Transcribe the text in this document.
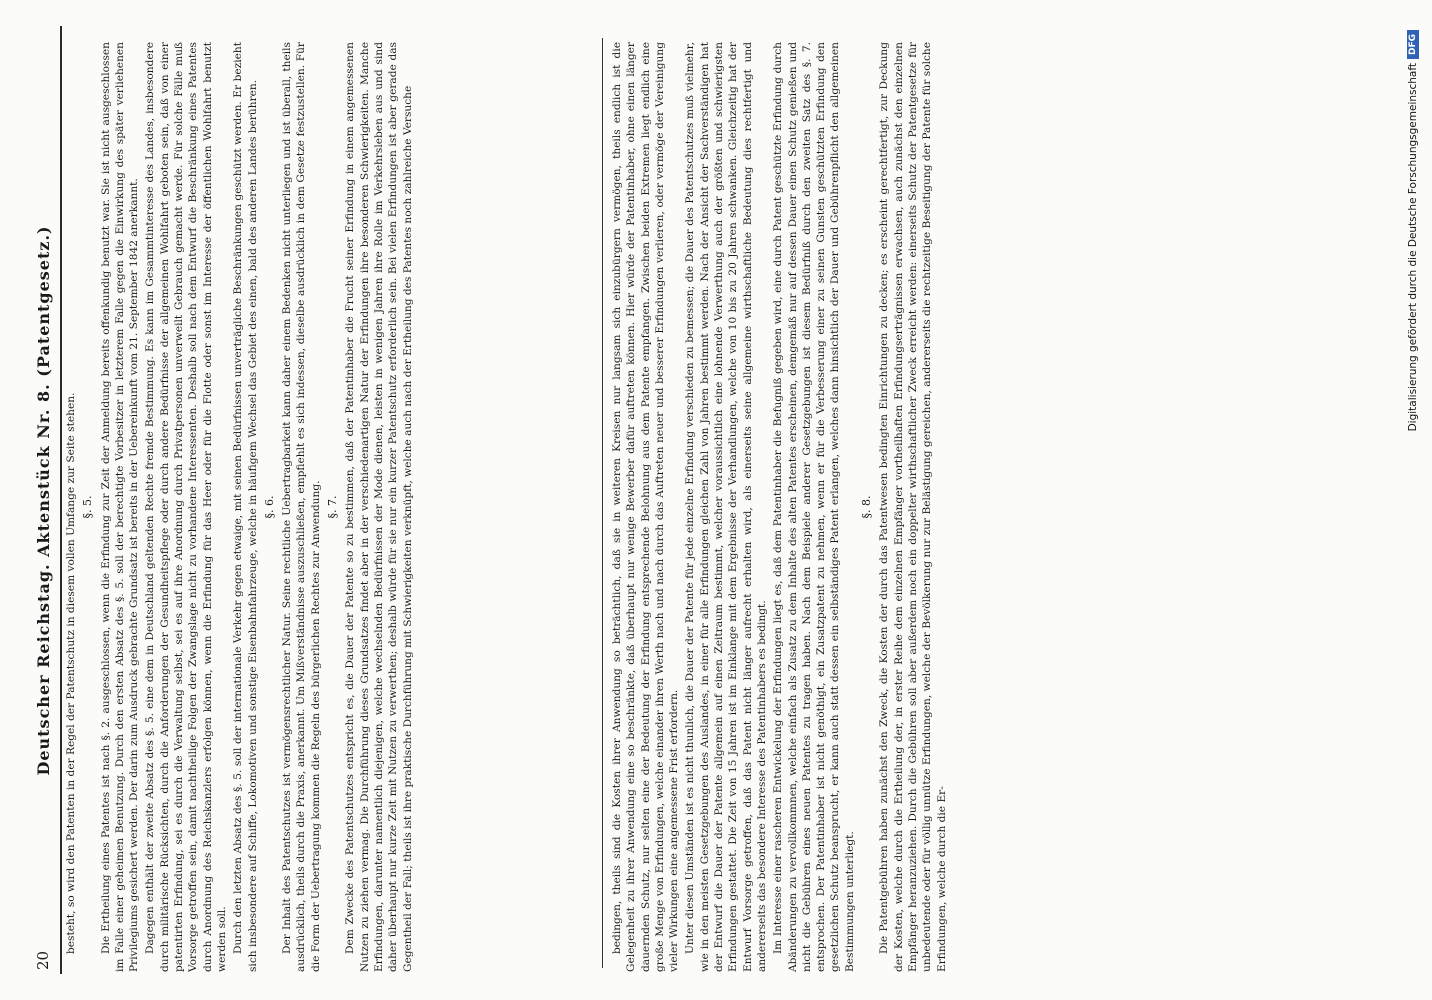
20
Deutscher Reichstag. Aktenstück Nr. 8. (Patentgesetz.) besteht, so wird den Patenten in der Regel der Patentschutz in diesem vollen Umfange zur Seite stehen. §. 5. Die Ertheilung eines Patentes ist nach §. 2. ausgeschlossen, wenn die Erfindung zur Zeit der Anmeldung bereits offenkundig benutzt war. Sie ist nicht ausgeschlossen im Falle einer geheimen Benutzung. Durch den ersten Absatz des §. 5. soll der berechtigte Vorbesitzer in letzterem Falle gegen die Einwirkung des später verliehenen Privilegiums gesichert werden. Der darin zum Ausdruck gebrachte Grundsatz ist bereits in der Uebereinkunft vom 21. September 1842 anerkannt. Dagegen enthält der zweite Absatz des §. 5. eine dem in Deutschland geltenden Rechte fremde Bestimmung. Es kann im Gesammtinteresse des Landes, insbesondere durch militärische Rücksichten, durch die Anforderungen der Gesundheitspflege oder durch andere Bedürfnisse der allgemeinen Wohlfahrt geboten sein, daß von einer patentirten Erfindung, sei es durch die Verwaltung selbst, sei es auf ihre Anordnung durch Privatpersonen unverweilt Gebrauch gemacht werde. Für solche Fälle muß Vorsorge getroffen sein, damit nachtheilige Folgen der Zwangslage nicht zu vorhandene Interessenten. Deshalb soll nach dem Entwurf die Beschränkung eines Patentes durch Anordnung des Reichskanzlers erfolgen können, wenn die Erfindung für das Heer oder für die Flotte oder sonst im Interesse der öffentlichen Wohlfahrt benutzt werden soll. Durch den letzten Absatz des §. 5. soll der internationale Verkehr gegen etwaige, mit seinen Bedürfnissen unverträgliche Beschränkungen geschützt werden. Er bezieht sich insbesondere auf Schiffe, Lokomotiven und sonstige Eisenbahnfahrzeuge, welche in häufigem Wechsel das Gebiet des einen, bald des anderen Landes berühren. §. 6. Der Inhalt des Patentschutzes ist vermögensrechtlicher Natur. Seine rechtliche Uebertragbarkeit kann daher einem Bedenken nicht unterliegen und ist überall, theils ausdrücklich, theils durch die Praxis, anerkannt. Um Mißverständnisse auszuschließen, empfiehlt es sich indessen, dieselbe ausdrücklich in dem Gesetze festzustellen. Für die Form der Uebertragung kommen die Regeln des bürgerlichen Rechtes zur Anwendung. §. 7. Dem Zwecke des Patentschutzes entspricht es, die Dauer der Patente so zu bestimmen, daß der Patentinhaber die Frucht seiner Erfindung in einem angemessenen Nutzen zu ziehen vermag. Die Durchführung dieses Grundsatzes findet aber in der verschiedenartigen Natur der Erfindungen ihre besonderen Schwierigkeiten. Manche Erfindungen, darunter namentlich diejenigen, welche wechselnden Bedürfnissen der Mode dienen, leisten in wenigen Jahren ihre Rolle im Verkehrsleben aus und sind daher überhaupt nur kurze Zeit mit Nutzen zu verwerthen; deshalb würde für sie nur ein kurzer Patentschutz erforderlich sein. Bei vielen Erfindungen ist aber gerade das Gegentheil der Fall; theils ist ihre praktische Durchführung mit Schwierigkeiten verknüpft, welche auch nach der Ertheilung des Patentes noch zahlreiche Versuche	bedingen, theils sind die Kosten ihrer Anwendung so beträchtlich, daß sie in weiteren Kreisen nur langsam sich einzubürgern vermögen, theils endlich ist die Gelegenheit zu ihrer Anwendung eine so beschränkte, daß überhaupt nur wenige Bewerber dafür auftreten können. Hier würde der Patentinhaber, ohne einen länger dauernden Schutz, nur selten eine der Bedeutung der Erfindung entsprechende Belohnung aus dem Patente empfangen. Zwischen beiden Extremen liegt endlich eine große Menge von Erfindungen, welche einander ihren Werth nach und nach durch das Auftreten neuer und besserer Erfindungen verlieren, oder vermöge der Vereinigung vieler Wirkungen eine angemessene Frist erfordern. Unter diesen Umständen ist es nicht thunlich, die Dauer der Patente für jede einzelne Erfindung verschieden zu bemessen; die Dauer des Patentschutzes muß vielmehr, wie in den meisten Gesetzgebungen des Auslandes, in einer für alle Erfindungen gleichen Zahl von Jahren bestimmt werden. Nach der Ansicht der Sachverständigen hat der Entwurf die Dauer der Patente allgemein auf einen Zeitraum bestimmt, welcher voraussichtlich eine lohnende Verwerthung auch der größten und schwierigsten Erfindungen gestattet. Die Zeit von 15 Jahren ist im Einklange mit dem Ergebnisse der Verhandlungen, welche von 10 bis zu 20 Jahren schwanken. Gleichzeitig hat der Entwurf Vorsorge getroffen, daß das Patent nicht länger aufrecht erhalten wird, als einerseits seine allgemeine wirthschaftliche Bedeutung dies rechtfertigt und andererseits das besondere Interesse des Patentinhabers es bedingt. Im Interesse einer rascheren Entwickelung der Erfindungen liegt es, daß dem Patentinhaber die Befugniß gegeben wird, eine durch Patent geschützte Erfindung durch Abänderungen zu vervollkommnen, welche einfach als Zusatz zu dem Inhalte des alten Patentes erscheinen, demgemäß nur auf dessen Dauer einen Schutz genießen und nicht die Gebühren eines neuen Patentes zu tragen haben. Nach dem Beispiele anderer Gesetzgebungen ist diesem Bedürfniß durch den zweiten Satz des §. 7. entsprochen. Der Patentinhaber ist nicht genöthigt, ein Zusatzpatent zu nehmen, wenn er für die Verbesserung einer zu seinen Gunsten geschützten Erfindung den gesetzlichen Schutz beansprucht, er kann auch statt dessen ein selbständiges Patent erlangen, welches dann hinsichtlich der Dauer und Gebührenpflicht den allgemeinen Bestimmungen unterliegt.

§. 8. Die Patentgebühren haben zunächst den Zweck, die Kosten der durch das Patentwesen bedingten Einrichtungen zu decken; es erscheint gerechtfertigt, zur Deckung der Kosten, welche durch die Ertheilung der, in erster Reihe dem einzelnen Empfänger vortheilhaften Erfindungserträgnissen erwachsen, auch zunächst den einzelnen Empfänger heranzuziehen. Durch die Gebühren soll aber außerdem noch ein doppelter wirthschaftlicher Zweck erreicht werden: einerseits Schutz der Patentgesetze für unbedeutende oder für völlig unnütze Erfindungen, welche der Bevölkerung nur zur Belästigung gereichen, andererseits die rechtzeitige Beseitigung der Patente für solche Erfindungen, welche durch die Er-

Digitalisierung gefördert durch die Deutsche Forschungsgemeinschaft
DFG
